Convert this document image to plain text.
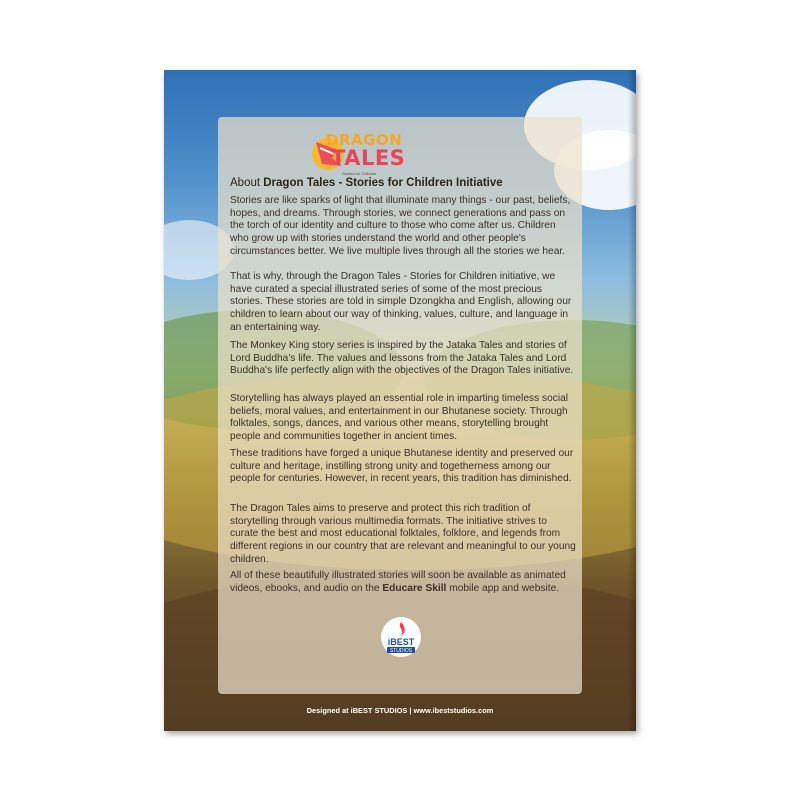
DRAGON
TALES
Stories for Children
About Dragon Tales - Stories for Children Initiative
Stories are like sparks of light that illuminate many things - our past, beliefs, hopes, and dreams. Through stories, we connect generations and pass on the torch of our identity and culture to those who come after us. Children who grow up with stories understand the world and other people's circumstances better. We live multiple lives through all the stories we hear.
That is why, through the Dragon Tales - Stories for Children initiative, we have curated a special illustrated series of some of the most precious stories. These stories are told in simple Dzongkha and English, allowing our children to learn about our way of thinking, values, culture, and language in an entertaining way.
The Monkey King story series is inspired by the Jataka Tales and stories of Lord Buddha's life. The values and lessons from the Jataka Tales and Lord Buddha's life perfectly align with the objectives of the Dragon Tales initiative.
Storytelling has always played an essential role in imparting timeless social beliefs, moral values, and entertainment in our Bhutanese society. Through folktales, songs, dances, and various other means, storytelling brought people and communities together in ancient times.
These traditions have forged a unique Bhutanese identity and preserved our culture and heritage, instilling strong unity and togetherness among our people for centuries. However, in recent years, this tradition has diminished.
The Dragon Tales aims to preserve and protect this rich tradition of storytelling through various multimedia formats. The initiative strives to curate the best and most educational folktales, folklore, and legends from different regions in our country that are relevant and meaningful to our young children.
All of these beautifully illustrated stories will soon be available as animated videos, ebooks, and audio on the Educare Skill mobile app and website.
iBEST
STUDIOS
Designed at iBEST STUDIOS | www.ibeststudios.com
